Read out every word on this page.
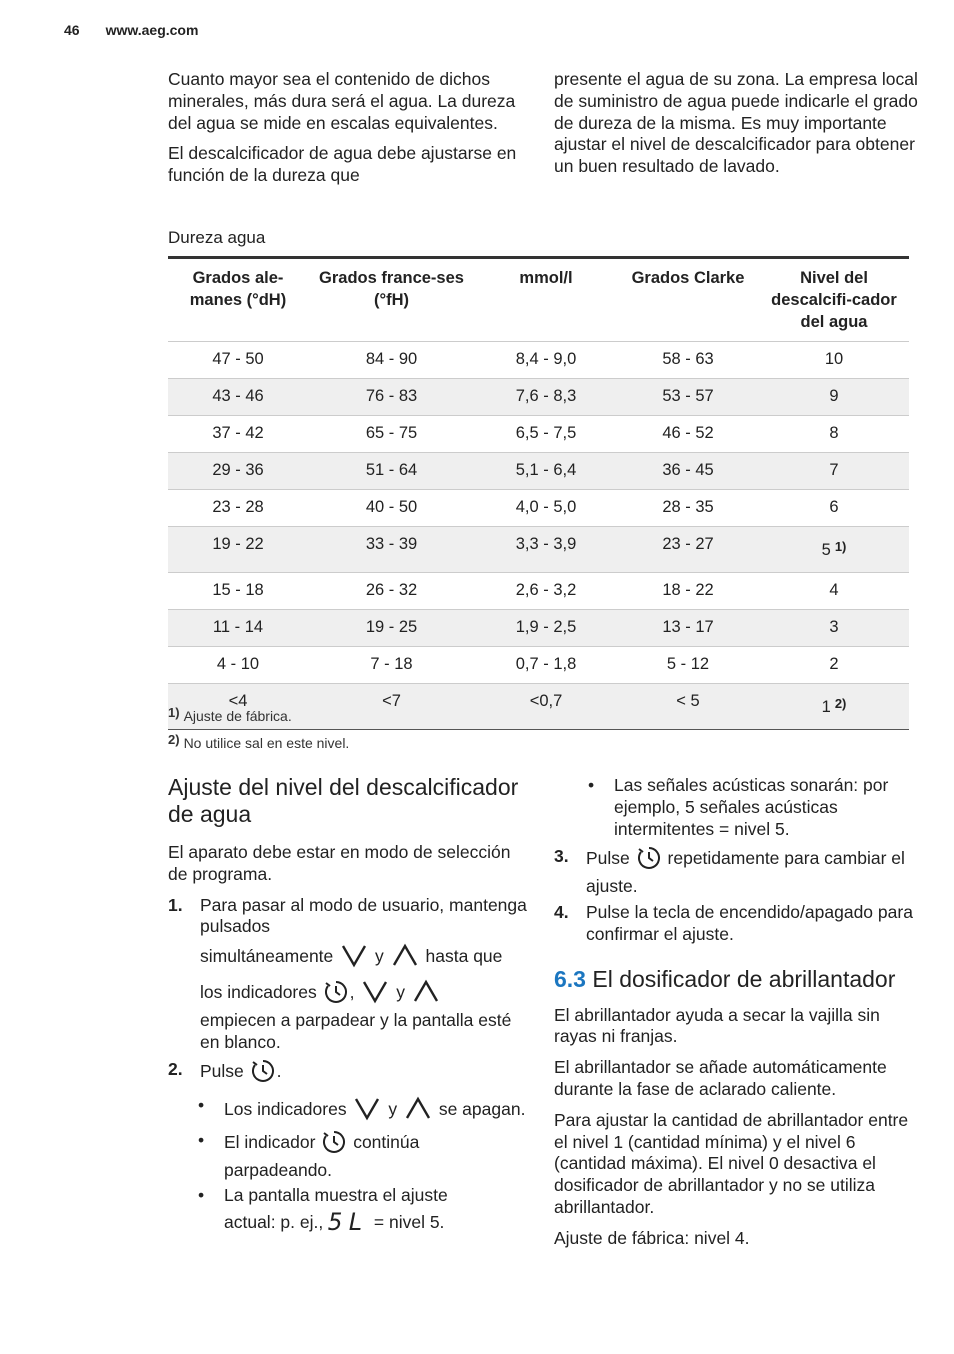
46 www.aeg.com

Cuanto mayor sea el contenido de dichos minerales, más dura será el agua. La dureza del agua se mide en escalas equivalentes.

El descalcificador de agua debe ajustarse en función de la dureza que

presente el agua de su zona. La empresa local de suministro de agua puede indicarle el grado de dureza de la misma. Es muy importante ajustar el nivel de descalcificador para obtener un buen resultado de lavado.

Dureza agua
Grados ale-manes (°dH)	Grados france-ses (°fH)	mmol/l	Grados Clarke	Nivel del descalcifi-cador del agua
47 - 50	84 - 90	8,4 - 9,0	58 - 63	10
43 - 46	76 - 83	7,6 - 8,3	53 - 57	9
37 - 42	65 - 75	6,5 - 7,5	46 - 52	8
29 - 36	51 - 64	5,1 - 6,4	36 - 45	7
23 - 28	40 - 50	4,0 - 5,0	28 - 35	6
19 - 22	33 - 39	3,3 - 3,9	23 - 27	5 $^{1)}$
15 - 18	26 - 32	2,6 - 3,2	18 - 22	4
11 - 14	19 - 25	1,9 - 2,5	13 - 17	3
4 - 10	7 - 18	0,7 - 1,8	5 - 12	2
<4	<7	<0,7	< 5	1 $^{2)}$
1) Ajuste de fábrica.
2) No utilice sal en este nivel.
Ajuste del nivel del descalcificador de agua

El aparato debe estar en modo de selección de programa.

1. Para pasar al modo de usuario, mantenga pulsados
simultáneamente y hasta que
los indicadores , y
empiecen a parpadear y la pantalla esté en blanco.
2. Pulse .
• Los indicadores y se apagan.
• El indicador continúa parpadeando.
• La pantalla muestra el ajuste
actual: p. ej., 5L = nivel 5.
• Las señales acústicas sonarán: por ejemplo, 5 señales acústicas intermitentes = nivel 5.
3. Pulse repetidamente para cambiar el ajuste.
4. Pulse la tecla de encendido/apagado para confirmar el ajuste.
6.3 El dosificador de abrillantador

El abrillantador ayuda a secar la vajilla sin rayas ni franjas.

El abrillantador se añade automáticamente durante la fase de aclarado caliente.

Para ajustar la cantidad de abrillantador entre el nivel 1 (cantidad mínima) y el nivel 6 (cantidad máxima). El nivel 0 desactiva el dosificador de abrillantador y no se utiliza abrillantador.

Ajuste de fábrica: nivel 4.
